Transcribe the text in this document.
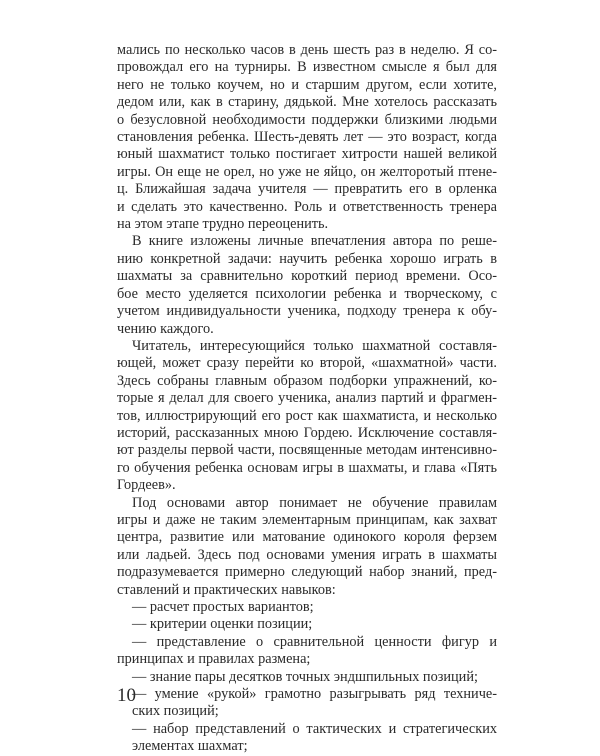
мались по несколько часов в день шесть раз в неделю. Я со-
провождал его на турниры. В известном смысле я был для
него не только коучем, но и старшим другом, если хотите,
дедом или, как в старину, дядькой. Мне хотелось рассказать
о безусловной необходимости поддержки близкими людьми
становления ребенка. Шесть-девять лет — это возраст, когда
юный шахматист только постигает хитрости нашей великой
игры. Он еще не орел, но уже не яйцо, он желторотый птене-
ц. Ближайшая задача учителя — превратить его в орленка
и сделать это качественно. Роль и ответственность тренера
на этом этапе трудно переоценить.
В книге изложены личные впечатления автора по реше-
нию конкретной задачи: научить ребенка хорошо играть в
шахматы за сравнительно короткий период времени. Осо-
бое место уделяется психологии ребенка и творческому, с
учетом индивидуальности ученика, подходу тренера к обу-
чению каждого.
Читатель, интересующийся только шахматной составля-
ющей, может сразу перейти ко второй, «шахматной» части.
Здесь собраны главным образом подборки упражнений, ко-
торые я делал для своего ученика, анализ партий и фрагмен-
тов, иллюстрирующий его рост как шахматиста, и несколько
историй, рассказанных мною Гордею. Исключение составля-
ют разделы первой части, посвященные методам интенсивно-
го обучения ребенка основам игры в шахматы, и глава «Пять
Гордеев».
Под основами автор понимает не обучение правилам
игры и даже не таким элементарным принципам, как захват
центра, развитие или матование одинокого короля ферзем
или ладьей. Здесь под основами умения играть в шахматы
подразумевается примерно следующий набор знаний, пред-
ставлений и практических навыков:
— расчет простых вариантов;
— критерии оценки позиции;
— представление о сравнительной ценности фигур и
принципах и правилах размена;
— знание пары десятков точных эндшпильных позиций;
— умение «рукой» грамотно разыгрывать ряд техниче-
ских позиций;
— набор представлений о тактических и стратегических
элементах шахмат;
10
